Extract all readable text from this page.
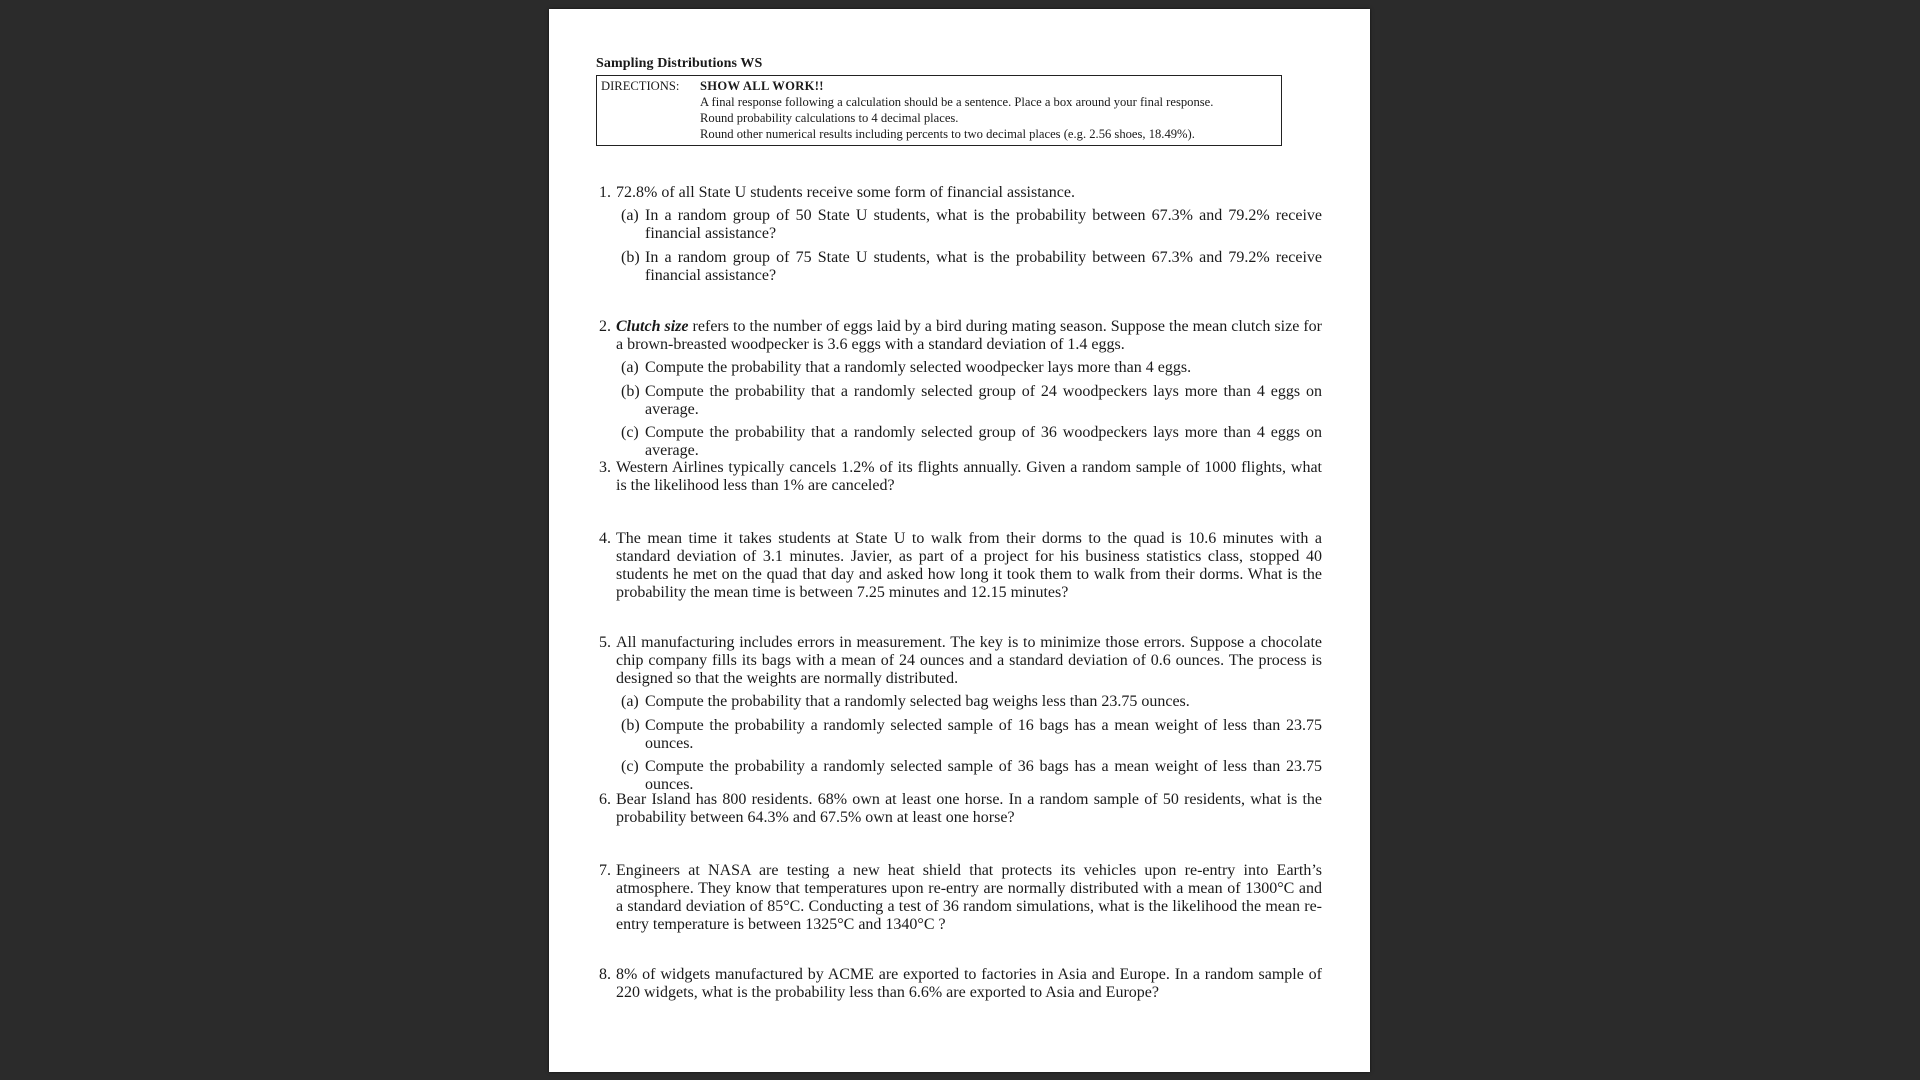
Sampling Distributions WS
DIRECTIONS:	SHOW ALL WORK!!
A final response following a calculation should be a sentence. Place a box around your final response.
Round probability calculations to 4 decimal places.
Round other numerical results including percents to two decimal places (e.g. 2.56 shoes, 18.49%).
1. 72.8% of all State U students receive some form of financial assistance.
(a) In a random group of 50 State U students, what is the probability between 67.3% and 79.2% receive financial assistance?
(b) In a random group of 75 State U students, what is the probability between 67.3% and 79.2% receive financial assistance?
2. Clutch size refers to the number of eggs laid by a bird during mating season. Suppose the mean clutch size for a brown-breasted woodpecker is 3.6 eggs with a standard deviation of 1.4 eggs.
(a) Compute the probability that a randomly selected woodpecker lays more than 4 eggs.
(b) Compute the probability that a randomly selected group of 24 woodpeckers lays more than 4 eggs on average.
(c) Compute the probability that a randomly selected group of 36 woodpeckers lays more than 4 eggs on average.
3. Western Airlines typically cancels 1.2% of its flights annually. Given a random sample of 1000 flights, what is the likelihood less than 1% are canceled?
4. The mean time it takes students at State U to walk from their dorms to the quad is 10.6 minutes with a standard deviation of 3.1 minutes. Javier, as part of a project for his business statistics class, stopped 40 students he met on the quad that day and asked how long it took them to walk from their dorms. What is the probability the mean time is between 7.25 minutes and 12.15 minutes?
5. All manufacturing includes errors in measurement. The key is to minimize those errors. Suppose a chocolate chip company fills its bags with a mean of 24 ounces and a standard deviation of 0.6 ounces. The process is designed so that the weights are normally distributed.
(a) Compute the probability that a randomly selected bag weighs less than 23.75 ounces.
(b) Compute the probability a randomly selected sample of 16 bags has a mean weight of less than 23.75 ounces.
(c) Compute the probability a randomly selected sample of 36 bags has a mean weight of less than 23.75 ounces.
6. Bear Island has 800 residents. 68% own at least one horse. In a random sample of 50 residents, what is the probability between 64.3% and 67.5% own at least one horse?
7. Engineers at NASA are testing a new heat shield that protects its vehicles upon re-entry into Earth’s atmosphere. They know that temperatures upon re-entry are normally distributed with a mean of 1300°C and a standard deviation of 85°C. Conducting a test of 36 random simulations, what is the likelihood the mean re-entry temperature is between 1325°C and 1340°C ?
8. 8% of widgets manufactured by ACME are exported to factories in Asia and Europe. In a random sample of 220 widgets, what is the probability less than 6.6% are exported to Asia and Europe?
